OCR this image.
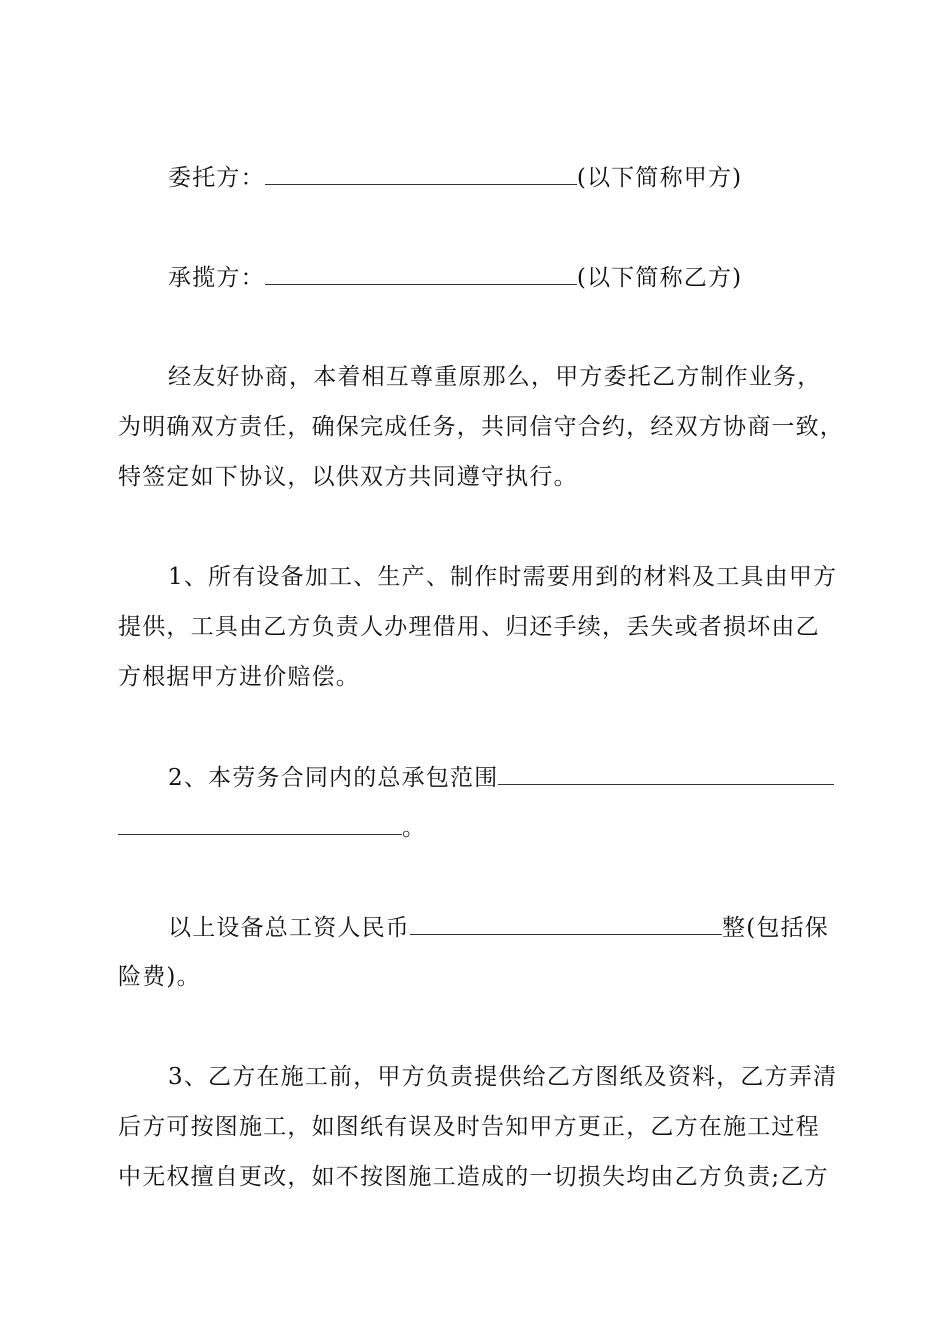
委托方：	(以下简称甲方)
承揽方：	(以下简称乙方)
经友好协商，本着相互尊重原那么，甲方委托乙方制作业务，
为明确双方责任，确保完成任务，共同信守合约，经双方协商一致，
特签定如下协议，以供双方共同遵守执行。
1、所有设备加工、生产、制作时需要用到的材料及工具由甲方
提供，工具由乙方负责人办理借用、归还手续，丢失或者损坏由乙
方根据甲方进价赔偿。
2、本劳务合同内的总承包范围
。
以上设备总工资人民币	整(包括保
险费)。
3、乙方在施工前，甲方负责提供给乙方图纸及资料，乙方弄清
后方可按图施工，如图纸有误及时告知甲方更正，乙方在施工过程
中无权擅自更改，如不按图施工造成的一切损失均由乙方负责;乙方
